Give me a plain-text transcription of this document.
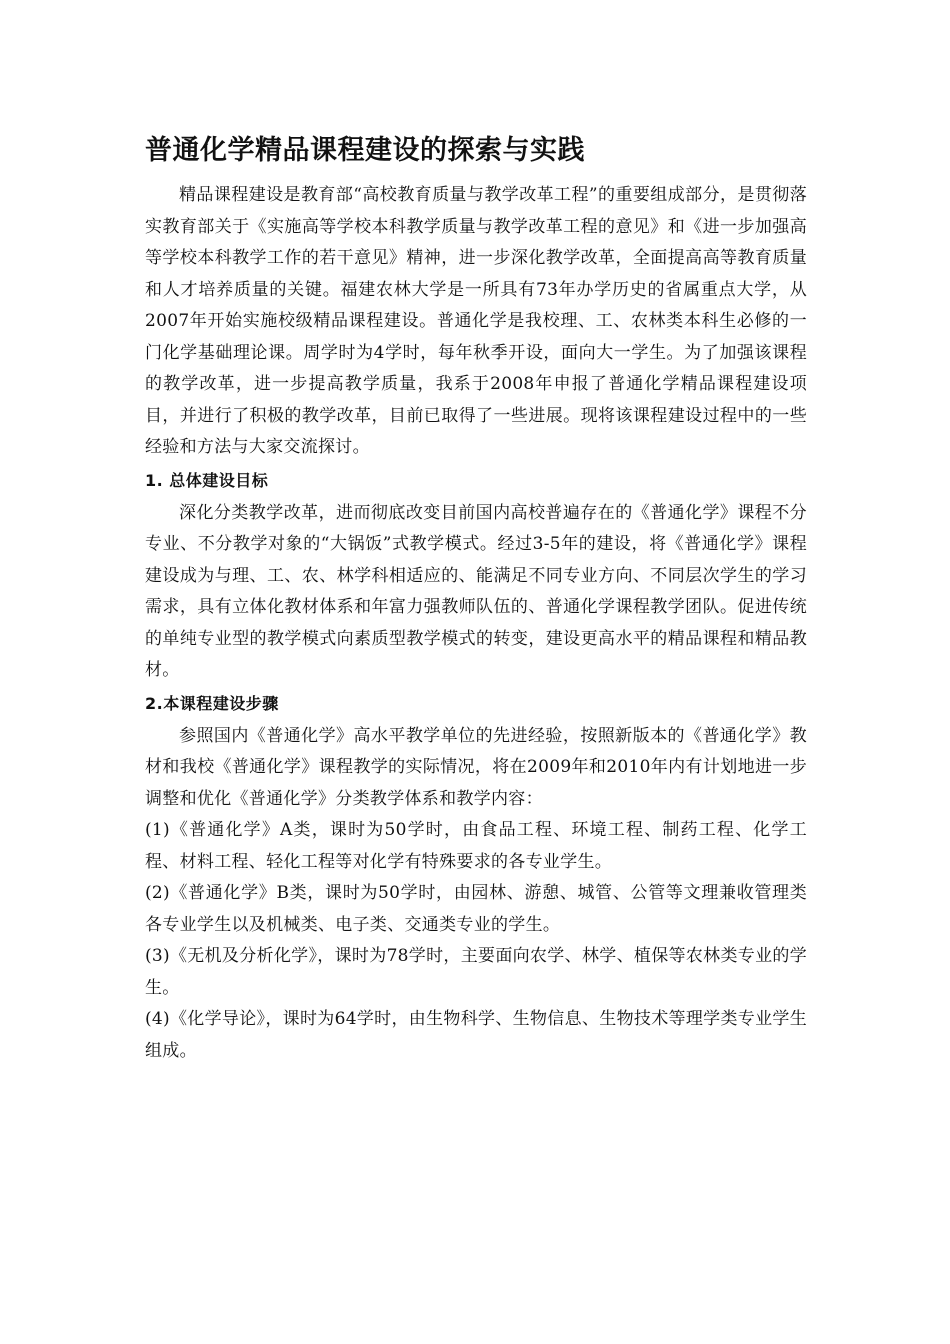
普通化学精品课程建设的探索与实践

精品课程建设是教育部“高校教育质量与教学改革工程”的重要组成部分，是贯彻落实教育部关于《实施高等学校本科教学质量与教学改革工程的意见》和《进一步加强高等学校本科教学工作的若干意见》精神，进一步深化教学改革，全面提高高等教育质量和人才培养质量的关键。福建农林大学是一所具有73年办学历史的省属重点大学，从2007年开始实施校级精品课程建设。普通化学是我校理、工、农林类本科生必修的一门化学基础理论课。周学时为4学时，每年秋季开设，面向大一学生。为了加强该课程的教学改革，进一步提高教学质量，我系于2008年申报了普通化学精品课程建设项目，并进行了积极的教学改革，目前已取得了一些进展。现将该课程建设过程中的一些经验和方法与大家交流探讨。

1. 总体建设目标

深化分类教学改革，进而彻底改变目前国内高校普遍存在的《普通化学》课程不分专业、不分教学对象的“大锅饭”式教学模式。经过3-5年的建设，将《普通化学》课程建设成为与理、工、农、林学科相适应的、能满足不同专业方向、不同层次学生的学习需求，具有立体化教材体系和年富力强教师队伍的、普通化学课程教学团队。促进传统的单纯专业型的教学模式向素质型教学模式的转变，建设更高水平的精品课程和精品教材。

2.本课程建设步骤

参照国内《普通化学》高水平教学单位的先进经验，按照新版本的《普通化学》教材和我校《普通化学》课程教学的实际情况，将在2009年和2010年内有计划地进一步调整和优化《普通化学》分类教学体系和教学内容：

(1)《普通化学》A类，课时为50学时，由食品工程、环境工程、制药工程、化学工程、材料工程、轻化工程等对化学有特殊要求的各专业学生。

(2)《普通化学》B类，课时为50学时，由园林、游憩、城管、公管等文理兼收管理类各专业学生以及机械类、电子类、交通类专业的学生。

(3)《无机及分析化学》，课时为78学时，主要面向农学、林学、植保等农林类专业的学生。

(4)《化学导论》，课时为64学时，由生物科学、生物信息、生物技术等理学类专业学生组成。
